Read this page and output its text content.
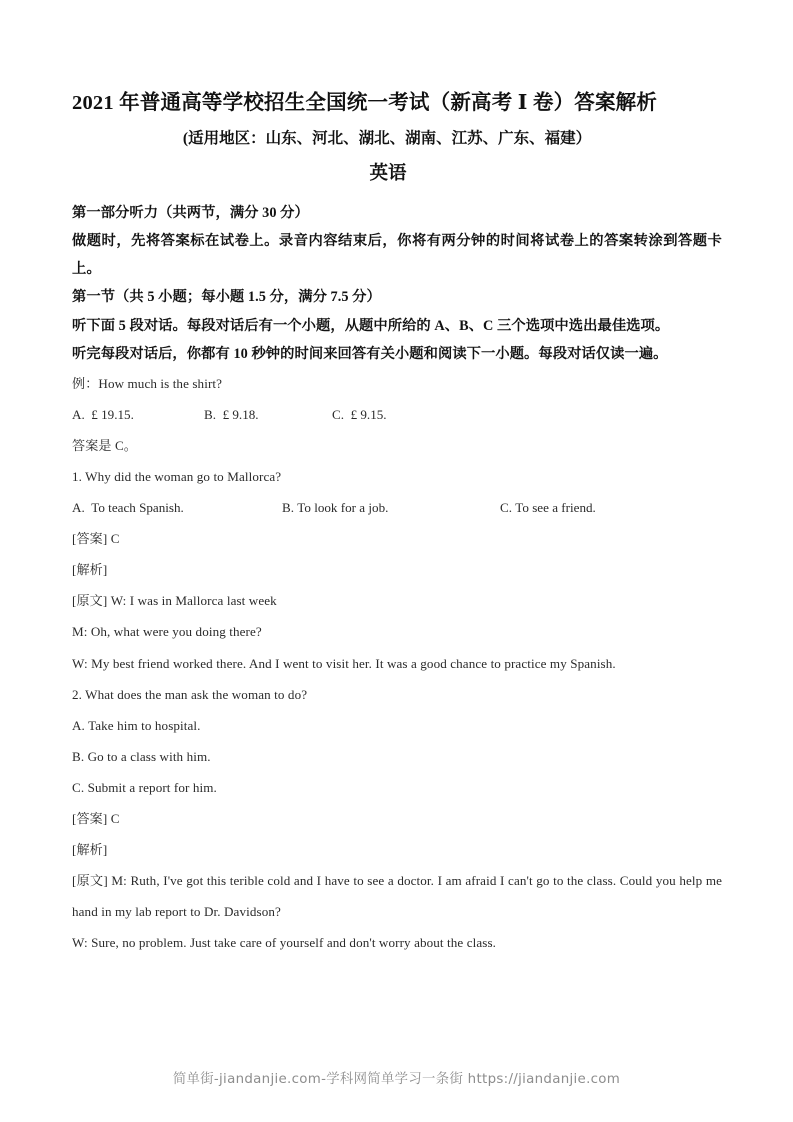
2021 年普通高等学校招生全国统一考试（新高考 Ⅰ 卷）答案解析
(适用地区：山东、河北、湖北、湖南、江苏、广东、福建）
英语
第一部分听力（共两节，满分 30 分）
做题时，先将答案标在试卷上。录音内容结束后，你将有两分钟的时间将试卷上的答案转涂到答题卡上。
第一节（共 5 小题；每小题 1.5 分，满分 7.5 分）
听下面 5 段对话。每段对话后有一个小题，从题中所给的 A、B、C 三个选项中选出最佳选项。
听完每段对话后，你都有 10 秒钟的时间来回答有关小题和阅读下一小题。每段对话仅读一遍。
例：How much is the shirt?
A. £ 19.15.	B. £ 9.18.	C. £ 9.15.
答案是 C。
1. Why did the woman go to Mallorca?
A. To teach Spanish.	B. To look for a job.	C. To see a friend.
[答案] C
[解析]
[原文] W: I was in Mallorca last week
M: Oh, what were you doing there?
W: My best friend worked there. And I went to visit her. It was a good chance to practice my Spanish.
2. What does the man ask the woman to do?
A. Take him to hospital.
B. Go to a class with him.
C. Submit a report for him.
[答案] C
[解析]
[原文] M: Ruth, I've got this terible cold and I have to see a doctor. I am afraid I can't go to the class. Could you help me hand in my lab report to Dr. Davidson?
W: Sure, no problem. Just take care of yourself and don't worry about the class.
简单街-jiandanjie.com-学科网简单学习一条街 https://jiandanjie.com
